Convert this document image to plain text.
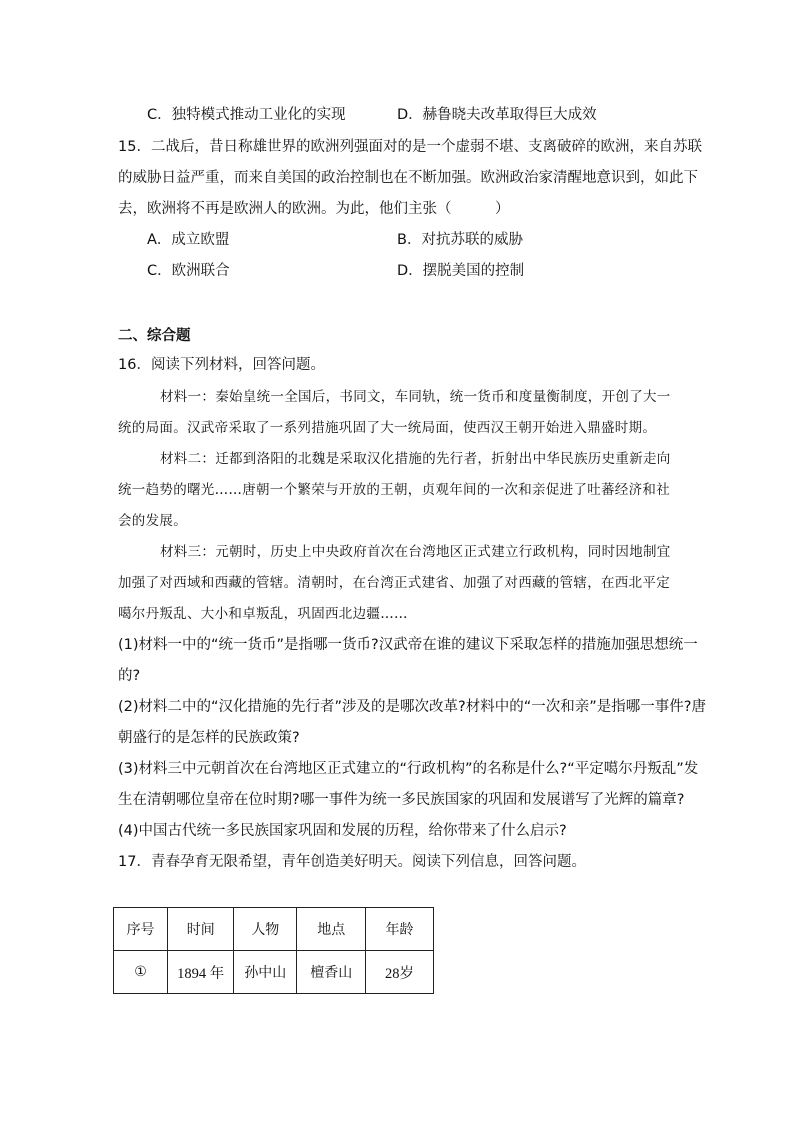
C．独特模式推动工业化的实现	D．赫鲁晓夫改革取得巨大成效
15．二战后，昔日称雄世界的欧洲列强面对的是一个虚弱不堪、支离破碎的欧洲，来自苏联
的威胁日益严重，而来自美国的政治控制也在不断加强。欧洲政治家清醒地意识到，如此下
去，欧洲将不再是欧洲人的欧洲。为此，他们主张（　　　）
A．成立欧盟	B．对抗苏联的威胁
C．欧洲联合	D．摆脱美国的控制
二、综合题
16．阅读下列材料，回答问题。
材料一：秦始皇统一全国后，书同文，车同轨，统一货币和度量衡制度，开创了大一
统的局面。汉武帝采取了一系列措施巩固了大一统局面，使西汉王朝开始进入鼎盛时期。
材料二：迁都到洛阳的北魏是采取汉化措施的先行者，折射出中华民族历史重新走向
统一趋势的曙光……唐朝一个繁荣与开放的王朝，贞观年间的一次和亲促进了吐蕃经济和社
会的发展。
材料三：元朝时，历史上中央政府首次在台湾地区正式建立行政机构，同时因地制宜
加强了对西域和西藏的管辖。清朝时，在台湾正式建省、加强了对西藏的管辖，在西北平定
噶尔丹叛乱、大小和卓叛乱，巩固西北边疆……
(1)材料一中的“统一货币”是指哪一货币?汉武帝在谁的建议下采取怎样的措施加强思想统一
的?
(2)材料二中的“汉化措施的先行者”涉及的是哪次改革?材料中的“一次和亲”是指哪一事件?唐
朝盛行的是怎样的民族政策?
(3)材料三中元朝首次在台湾地区正式建立的“行政机构”的名称是什么?“平定噶尔丹叛乱”发
生在清朝哪位皇帝在位时期?哪一事件为统一多民族国家的巩固和发展谱写了光辉的篇章?
(4)中国古代统一多民族国家巩固和发展的历程，给你带来了什么启示?
17．青春孕育无限希望，青年创造美好明天。阅读下列信息，回答问题。
序号	时间	人物	地点	年龄
①	1894 年	孙中山	檀香山	28岁
